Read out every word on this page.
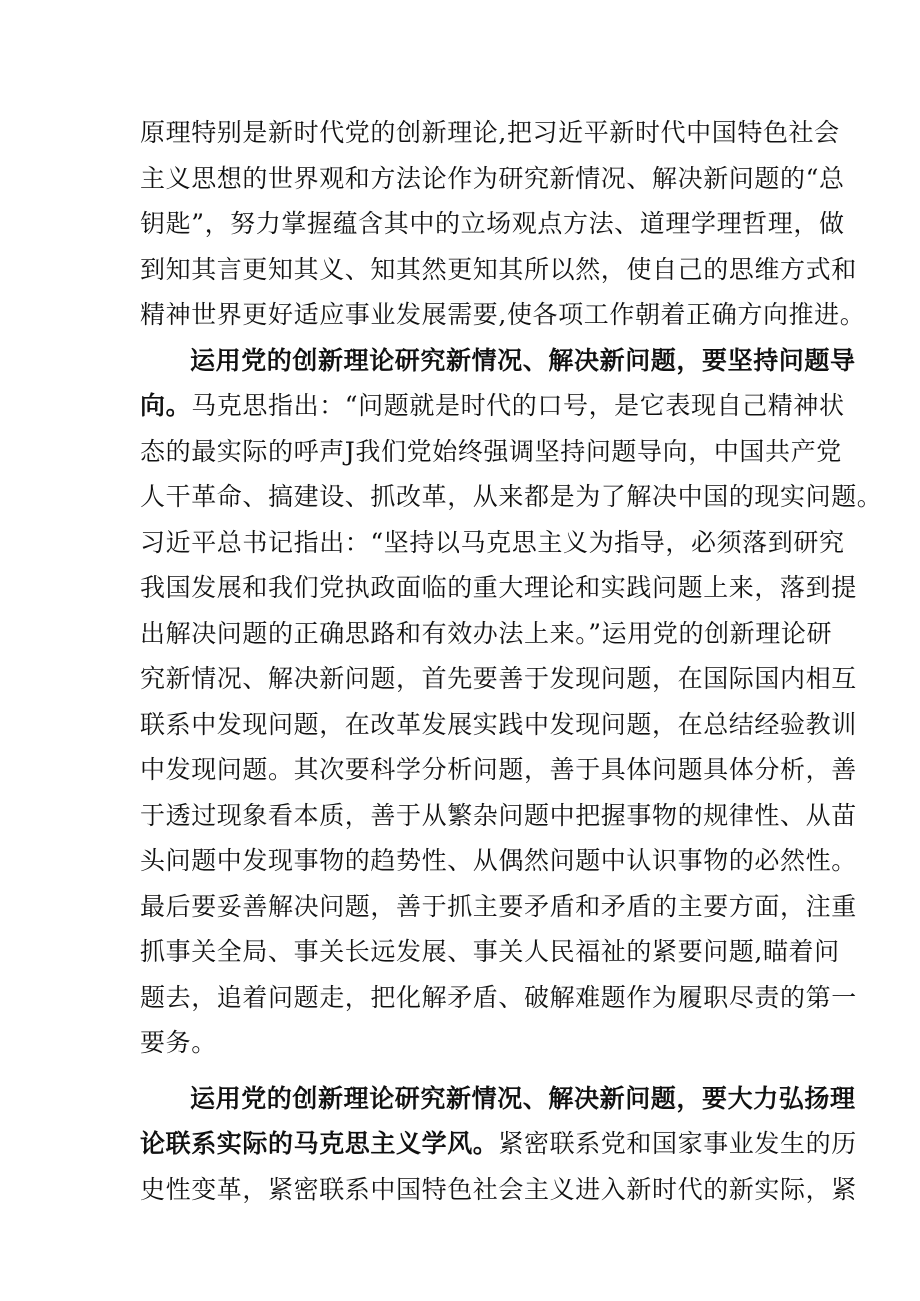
原理特别是新时代党的创新理论,把习近平新时代中国特色社会
主义思想的世界观和方法论作为研究新情况、解决新问题的“总
钥匙”，努力掌握蕴含其中的立场观点方法、道理学理哲理，做
到知其言更知其义、知其然更知其所以然，使自己的思维方式和
精神世界更好适应事业发展需要,使各项工作朝着正确方向推进。
运用党的创新理论研究新情况、解决新问题，要坚持问题导
向。马克思指出：“问题就是时代的口号，是它表现自己精神状
态的最实际的呼声J我们党始终强调坚持问题导向，中国共产党
人干革命、搞建设、抓改革，从来都是为了解决中国的现实问题。
习近平总书记指出：“坚持以马克思主义为指导，必须落到研究
我国发展和我们党执政面临的重大理论和实践问题上来，落到提
出解决问题的正确思路和有效办法上来。”运用党的创新理论研
究新情况、解决新问题，首先要善于发现问题，在国际国内相互
联系中发现问题，在改革发展实践中发现问题，在总结经验教训
中发现问题。其次要科学分析问题，善于具体问题具体分析，善
于透过现象看本质，善于从繁杂问题中把握事物的规律性、从苗
头问题中发现事物的趋势性、从偶然问题中认识事物的必然性。
最后要妥善解决问题，善于抓主要矛盾和矛盾的主要方面，注重
抓事关全局、事关长远发展、事关人民福祉的紧要问题,瞄着问
题去，追着问题走，把化解矛盾、破解难题作为履职尽责的第一
要务。
运用党的创新理论研究新情况、解决新问题，要大力弘扬理
论联系实际的马克思主义学风。紧密联系党和国家事业发生的历
史性变革，紧密联系中国特色社会主义进入新时代的新实际，紧
